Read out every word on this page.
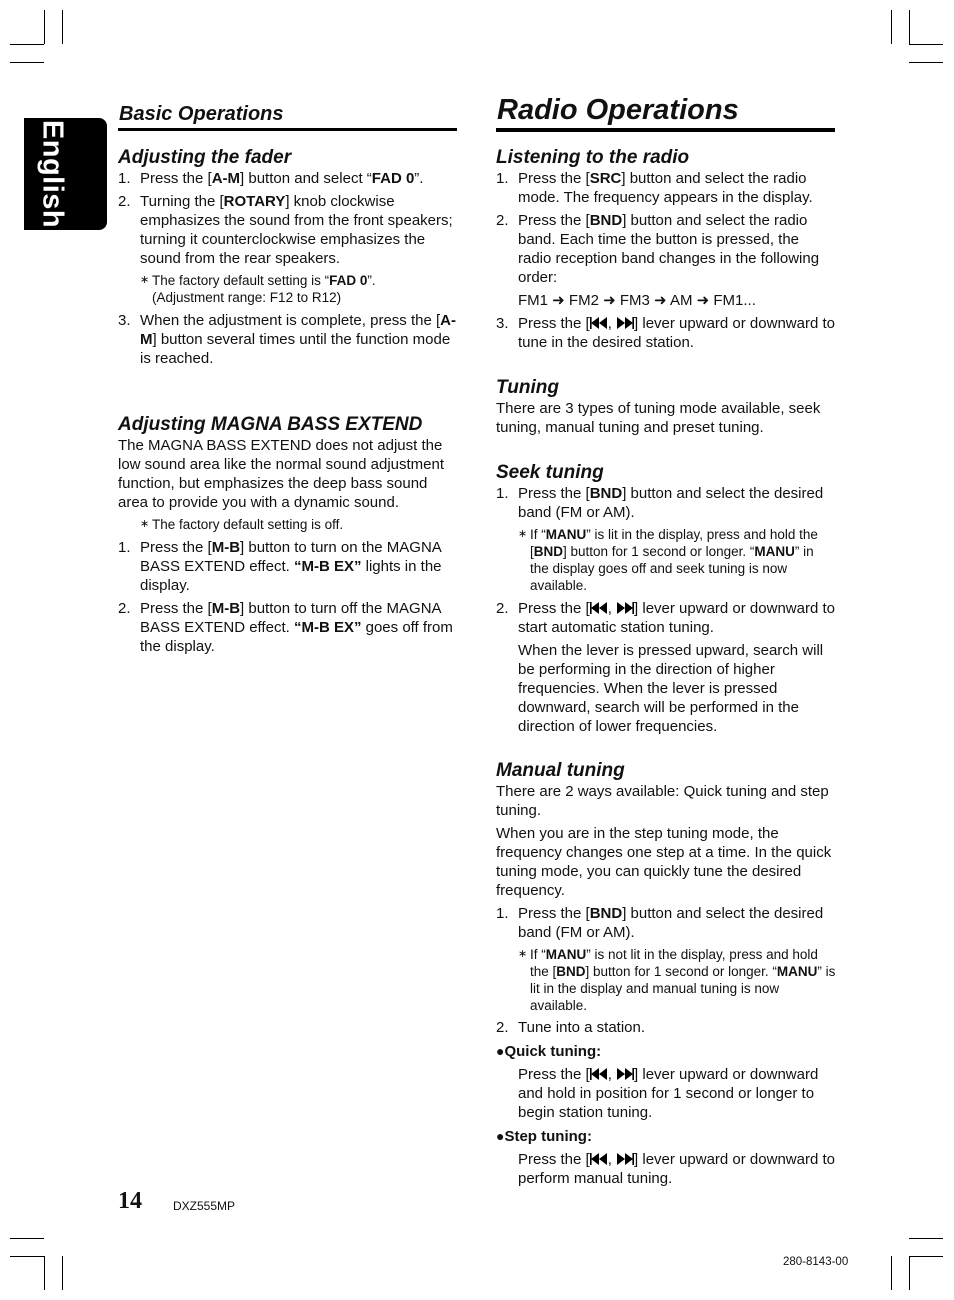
English
Basic Operations
Adjusting the fader
1. Press the [A-M] button and select “FAD 0”.
2. Turning the [ROTARY] knob clockwise emphasizes the sound from the front speakers; turning it counterclockwise emphasizes the sound from the rear speakers.
∗ The factory default setting is “FAD 0”.
(Adjustment range: F12 to R12)
3. When the adjustment is complete, press the [A-M] button several times until the function mode is reached.
Adjusting MAGNA BASS EXTEND

The MAGNA BASS EXTEND does not adjust the low sound area like the normal sound adjustment function, but emphasizes the deep bass sound area to provide you with a dynamic sound.

∗ The factory default setting is off.
1. Press the [M-B] button to turn on the MAGNA BASS EXTEND effect. “M-B EX” lights in the display.
2. Press the [M-B] button to turn off the MAGNA BASS EXTEND effect. “M-B EX” goes off from the display.
Radio Operations
Listening to the radio
1. Press the [SRC] button and select the radio mode. The frequency appears in the display.
2. Press the [BND] button and select the radio band. Each time the button is pressed, the radio reception band changes in the following order:
FM1 ➜ FM2 ➜ FM3 ➜ AM ➜ FM1...
3. Press the [ , ] lever upward or downward to tune in the desired station.
Tuning

There are 3 types of tuning mode available, seek tuning, manual tuning and preset tuning.

Seek tuning
1. Press the [BND] button and select the desired band (FM or AM).
∗ If “MANU” is lit in the display, press and hold the [BND] button for 1 second or longer. “MANU” in the display goes off and seek tuning is now available.
2. Press the [ , ] lever upward or downward to start automatic station tuning.
When the lever is pressed upward, search will be performing in the direction of higher frequencies. When the lever is pressed downward, search will be performed in the direction of lower frequencies.
Manual tuning

There are 2 ways available: Quick tuning and step tuning.

When you are in the step tuning mode, the frequency changes one step at a time. In the quick tuning mode, you can quickly tune the desired frequency.

1. Press the [BND] button and select the desired band (FM or AM).
∗ If “MANU” is not lit in the display, press and hold the [BND] button for 1 second or longer. “MANU” is lit in the display and manual tuning is now available.
2. Tune into a station.
●Quick tuning:
Press the [ , ] lever upward or downward and hold in position for 1 second or longer to begin station tuning.
●Step tuning:
Press the [ , ] lever upward or downward to perform manual tuning.
14	DXZ555MP
280-8143-00
